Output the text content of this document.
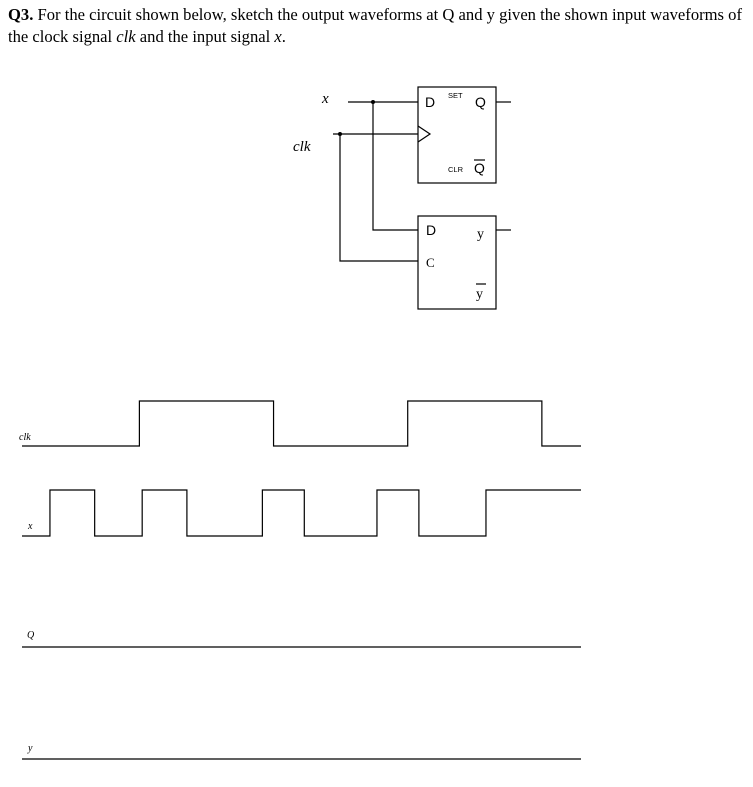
Q3. For the circuit shown below, sketch the output waveforms at Q and y given the shown input waveforms of the clock signal clk and the input signal x.
x
clk
D SET Q
CLR Q
D
C
y
y
clk
x
Q
y
